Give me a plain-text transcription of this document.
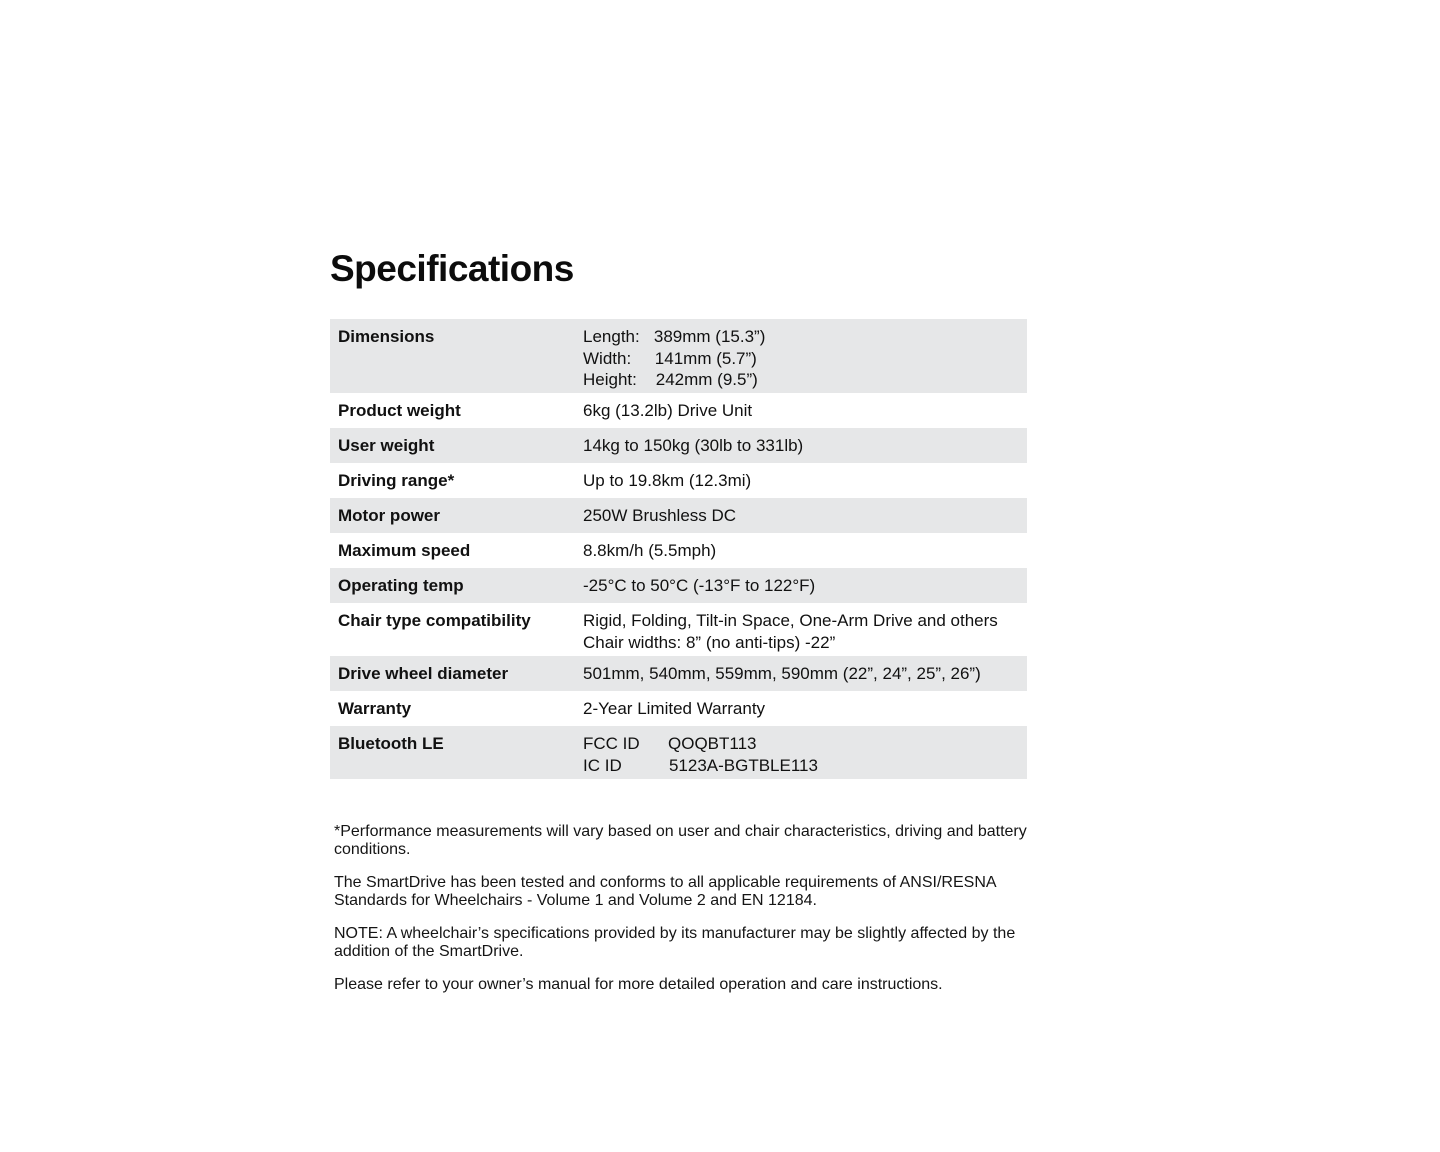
Specifications
Dimensions	Length:   389mm (15.3”)
Width:     141mm (5.7”)
Height:    242mm (9.5”)
Product weight	6kg (13.2lb) Drive Unit
User weight	14kg to 150kg (30lb to 331lb)
Driving range*	Up to 19.8km (12.3mi)
Motor power	250W Brushless DC
Maximum speed	8.8km/h (5.5mph)
Operating temp	-25°C to 50°C (-13°F to 122°F)
Chair type compatibility	Rigid, Folding, Tilt-in Space, One-Arm Drive and others
Chair widths: 8” (no anti-tips) -22”
Drive wheel diameter	501mm, 540mm, 559mm, 590mm (22”, 24”, 25”, 26”)
Warranty	2-Year Limited Warranty
Bluetooth LE	FCC ID      QOQBT113
IC ID          5123A-BGTBLE113

*Performance measurements will vary based on user and chair characteristics, driving and battery conditions.

The SmartDrive has been tested and conforms to all applicable requirements of ANSI/RESNA Standards for Wheelchairs - Volume 1 and Volume 2 and EN 12184.

NOTE: A wheelchair’s specifications provided by its manufacturer may be slightly affected by the addition of the SmartDrive.

Please refer to your owner’s manual for more detailed operation and care instructions.
